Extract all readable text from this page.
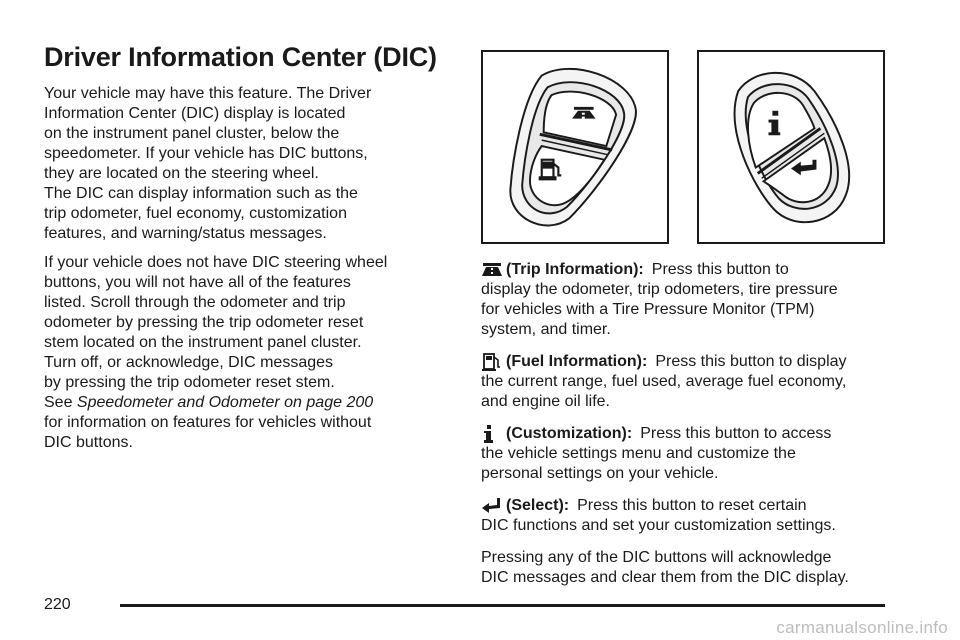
Driver Information Center (DIC)

Your vehicle may have this feature. The Driver
Information Center (DIC) display is located
on the instrument panel cluster, below the
speedometer. If your vehicle has DIC buttons,
they are located on the steering wheel.
The DIC can display information such as the
trip odometer, fuel economy, customization
features, and warning/status messages.

If your vehicle does not have DIC steering wheel
buttons, you will not have all of the features
listed. Scroll through the odometer and trip
odometer by pressing the trip odometer reset
stem located on the instrument panel cluster.
Turn off, or acknowledge, DIC messages
by pressing the trip odometer reset stem.
See Speedometer and Odometer on page 200
for information on features for vehicles without
DIC buttons.

(Trip Information): Press this button to
display the odometer, trip odometers, tire pressure
for vehicles with a Tire Pressure Monitor (TPM)
system, and timer.
(Fuel Information): Press this button to display
the current range, fuel used, average fuel economy,
and engine oil life.
(Customization): Press this button to access
the vehicle settings menu and customize the
personal settings on your vehicle.
(Select): Press this button to reset certain
DIC functions and set your customization settings.

Pressing any of the DIC buttons will acknowledge
DIC messages and clear them from the DIC display.

220
carmanualsonline.info
